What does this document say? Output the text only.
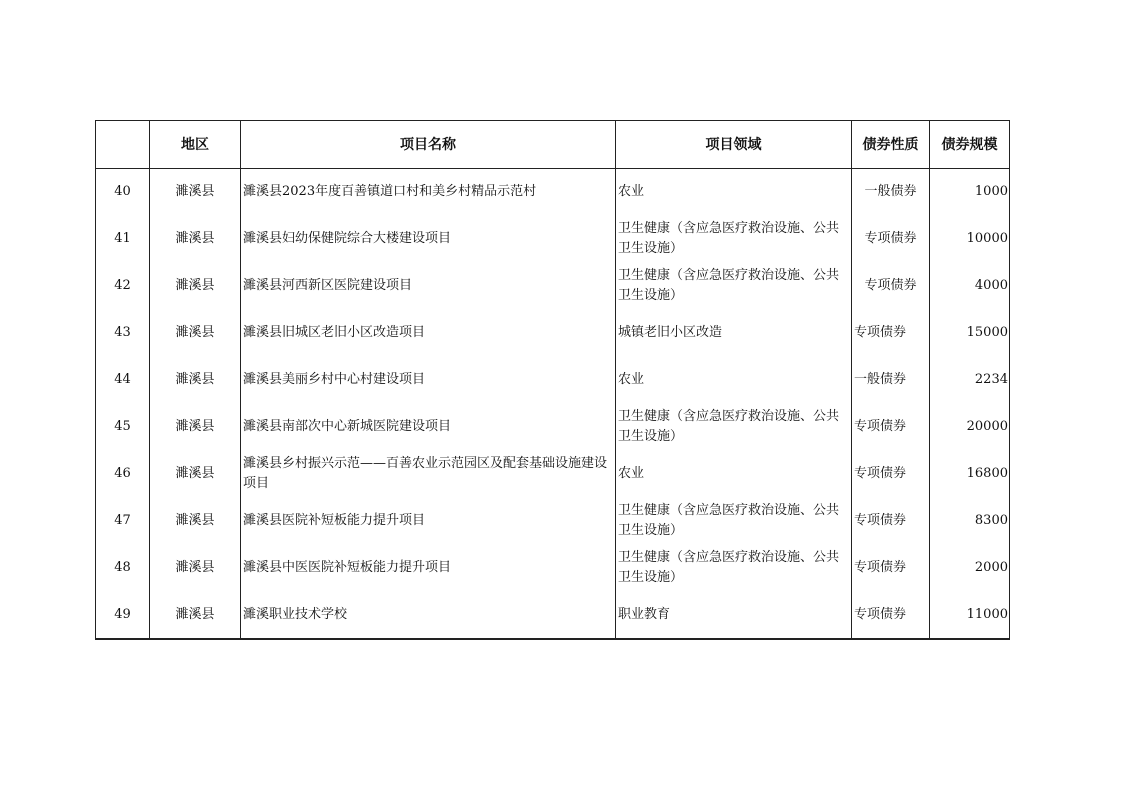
	地区	项目名称	项目领域	债券性质	债券规模
40	濉溪县	濉溪县2023年度百善镇道口村和美乡村精品示范村	农业	一般债券	1000
41	濉溪县	濉溪县妇幼保健院综合大楼建设项目	卫生健康（含应急医疗救治设施、公共卫生设施）	专项债券	10000
42	濉溪县	濉溪县河西新区医院建设项目	卫生健康（含应急医疗救治设施、公共卫生设施）	专项债券	4000
43	濉溪县	濉溪县旧城区老旧小区改造项目	城镇老旧小区改造	专项债券	15000
44	濉溪县	濉溪县美丽乡村中心村建设项目	农业	一般债券	2234
45	濉溪县	濉溪县南部次中心新城医院建设项目	卫生健康（含应急医疗救治设施、公共卫生设施）	专项债券	20000
46	濉溪县	濉溪县乡村振兴示范——百善农业示范园区及配套基础设施建设项目	农业	专项债券	16800
47	濉溪县	濉溪县医院补短板能力提升项目	卫生健康（含应急医疗救治设施、公共卫生设施）	专项债券	8300
48	濉溪县	濉溪县中医医院补短板能力提升项目	卫生健康（含应急医疗救治设施、公共卫生设施）	专项债券	2000
49	濉溪县	濉溪职业技术学校	职业教育	专项债券	11000
